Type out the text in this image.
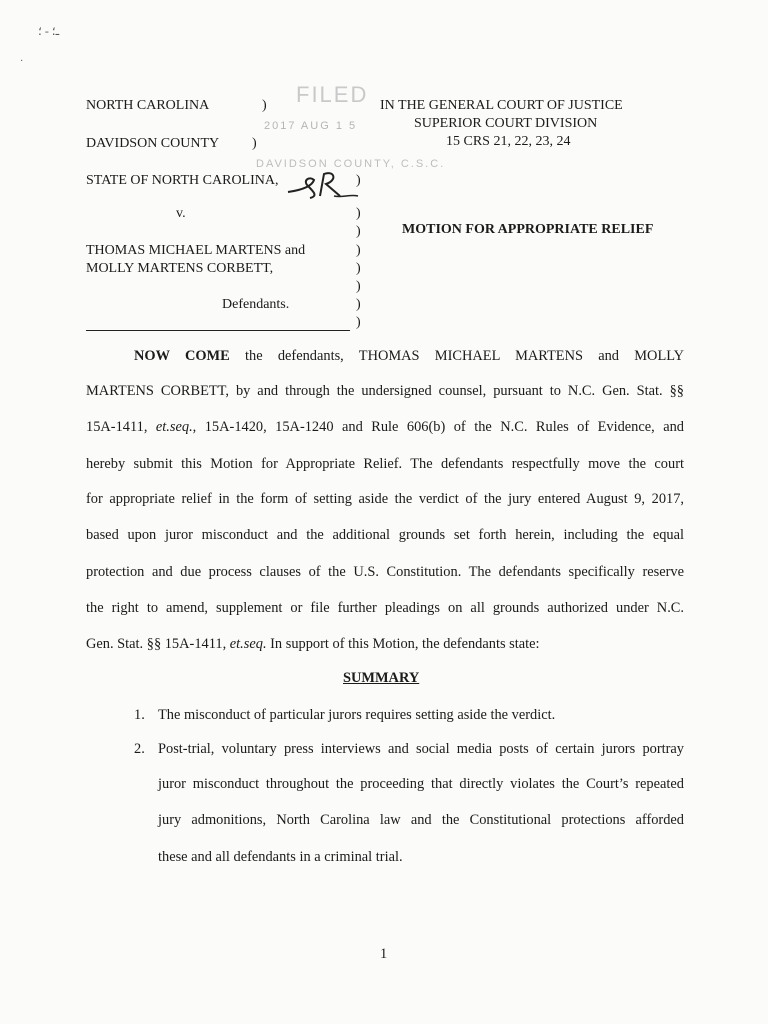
ـ؛ ‑ ؛
·
FILED
2017 AUG 1 5
DAVIDSON COUNTY, C.S.C.
NORTH CAROLINA	)
DAVIDSON COUNTY )
IN THE GENERAL COURT OF JUSTICE
SUPERIOR COURT DIVISION
15 CRS 21, 22, 23, 24
STATE OF NORTH CAROLINA,	)
v.	)
)	MOTION FOR APPROPRIATE RELIEF
THOMAS MICHAEL MARTENS and	)
MOLLY MARTENS CORBETT,	)
)
Defendants.	)
)
NOW COME the defendants, THOMAS MICHAEL MARTENS and MOLLY
MARTENS CORBETT, by and through the undersigned counsel, pursuant to N.C. Gen. Stat. §§
15A-1411, et.seq., 15A-1420, 15A-1240 and Rule 606(b) of the N.C. Rules of Evidence, and
hereby submit this Motion for Appropriate Relief. The defendants respectfully move the court
for appropriate relief in the form of setting aside the verdict of the jury entered August 9, 2017,
based upon juror misconduct and the additional grounds set forth herein, including the equal
protection and due process clauses of the U.S. Constitution. The defendants specifically reserve
the right to amend, supplement or file further pleadings on all grounds authorized under N.C.
Gen. Stat. §§ 15A-1411, et.seq. In support of this Motion, the defendants state:
SUMMARY
1. The misconduct of particular jurors requires setting aside the verdict.
2. Post-trial, voluntary press interviews and social media posts of certain jurors portray
juror misconduct throughout the proceeding that directly violates the Court’s repeated
jury admonitions, North Carolina law and the Constitutional protections afforded
these and all defendants in a criminal trial.
1
